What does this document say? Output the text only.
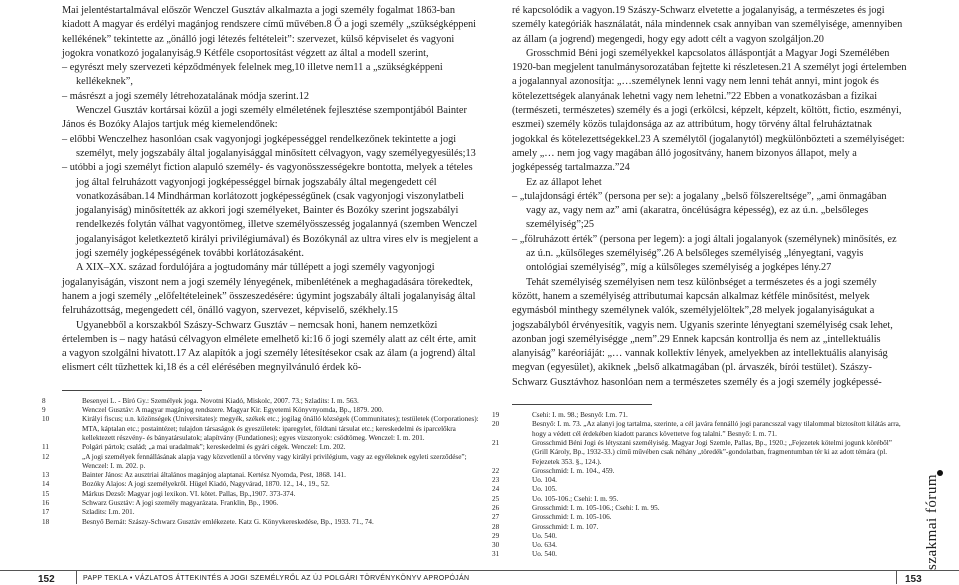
Mai jelentéstartalmával először Wenczel Gusztáv alkalmazta a jogi személy fogalmat 1863-ban kiadott A magyar és erdélyi magánjog rendszere című művében.8 Ő a jogi személy „szükségképpeni kellékének” tekintette az „önálló jogi létezés feltételeit”: szervezet, külső képviselet és vagyoni jogokra vonatkozó jogalanyiság.9 Kétféle csoportosítást végzett az által a modell szerint,

– egyrészt mely szervezeti képződmények felelnek meg,10 illetve nem11 a „szükségképpeni kellékeknek”,

– másrészt a jogi személy létrehozatalának módja szerint.12

Wenczel Gusztáv kortársai közül a jogi személy elméletének fejlesztése szempontjából Bainter János és Bozóky Alajos tartjuk még kiemelendőnek:

– előbbi Wenczelhez hasonlóan csak vagyonjogi jogképességgel rendelkezőnek tekintette a jogi személyt, mely jogszabály által jogalanyisággal minősített célvagyon, vagy személyegyesülés;13

– utóbbi a jogi személyt fiction alapuló személy- és vagyonösszességekre bontotta, melyek a tételes jog által felruházott vagyonjogi jogképességgel bírnak jogszabály által megengedett cél vonatkozásában.14 Mindhárman korlátozott jogképességűnek (csak vagyonjogi viszonylatbeli jogalanyiság) minősítették az akkori jogi személyeket, Bainter és Bozóky szerint jogszabályi rendelkezés folytán válhat vagyontömeg, illetve személyösszesség jogalannyá (szemben Wenczel jogalanyiságot keletkeztető királyi privilégiumával) és Bozókynál az ultra vires elv is megjelent a jogi személy jogképességének további korlátozásaként.

A XIX–XX. század fordulójára a jogtudomány már túllépett a jogi személy vagyonjogi jogalanyiságán, viszont nem a jogi személy lényegének, mibenlétének a meghagadására törekedtek, hanem a jogi személy „előfeltételeinek” összeszedésére: úgymint jogszabály általi jogalanyiság által felruházottság, megengedett cél, önálló vagyon, szervezet, képviselő, székhely.15

Ugyanebből a korszakból Szászy-Schwarz Gusztáv – nemcsak honi, hanem nemzetközi értelemben is – nagy hatású célvagyon elmélete emelhető ki:16 ő jogi személy alatt az célt érte, amit a vagyon szolgálni hivatott.17 Az alapítók a jogi személy létesítésekor csak az álam (a jogrend) által elismert célt tűzhettek ki,18 és a cél elérésében megnyilvánuló érdek kö-

8	Besenyei L. - Bíró Gy.: Személyek joga. Novotni Kiadó, Miskolc, 2007. 73.; Szladits: I. m. 563.

9	Wenczel Gusztáv: A magyar magánjog rendszere. Magyar Kir. Egyetemi Könyvnyomda, Bp., 1879. 200.

10	Királyi fiscus; u.n. közönségek (Universitates): megyék, székek etc.; jogilag önálló községek (Communitates); testületek (Corporationes): MTA, káptalan etc.; postaintézet; tulajdon társaságok és gyeszületek: iparegylet, földtani társulat etc.; kereskedelmi és iparcelőkra kellektezett részvény- és bányatársulatok; alapítvány (Fundationes); egyes vizszonyok: csödtömeg. Wenczel: I. m. 201.

11	Polgári pártok; család; „a mai uradalmak”; kereskedelmi és gyári cégek. Wenczel: I.m. 202.

12	„A jogi személyek fennállásának alapja vagy közvetlenül a törvény vagy királyi privilégium, vagy az egyéleknek egyleti szerződése”; Wenczel: I. m. 202. p.

13	Bainter János: Az ausztriai általános magánjog alaptanai. Kertész Nyomda, Pest, 1868. 141.

14	Bozóky Alajos: A jogi személyekről. Hügel Kiadó, Nagyvárad, 1870. 12., 14., 19., 52.

15	Márkus Dezső: Magyar jogi lexikon. VI. kötet. Pallas, Bp.,1907. 373-374.

16	Schwarz Gusztáv: A jogi személy magyarázata. Franklin, Bp., 1906.

17	Szladits: I.m. 201.

18	Besnyő Bernát: Szászy-Schwarz Gusztáv emlékezete. Katz G. Könyvkereskedése, Bp., 1933. 71., 74.

ré kapcsolódik a vagyon.19 Szászy-Schwarz elvetette a jogalanyiság, a természetes és jogi személy kategóriák használatát, nála mindennek csak annyiban van személyisége, amennyiben az állam (a jogrend) megengedi, hogy egy adott célt a vagyon szolgáljon.20

Grosschmid Béni jogi személyekkel kapcsolatos álláspontját a Magyar Jogi Személében 1920-ban megjelent tanulmánysorozatában fejtette ki részletesen.21 A személyt jogi értelemben a jogalannyal azonosítja: „…személynek lenni vagy nem lenni tehát annyi, mint jogok és kötelezettségek alanyának lehetni vagy nem lehetni.”22 Ebben a vonatkozásban a fizikai (természeti, természetes) személy és a jogi (erkölcsi, képzelt, képzelt, költött, fictio, eszményi, eszmei) személy közös tulajdonsága az az attribútum, hogy törvény által felruháztatnak jogokkal és kötelezettségekkel.23 A személytől (jogalanytól) megkülönbözteti a személyiséget: amely „… nem jog vagy magában álló jogosítvány, hanem bizonyos állapot, mely a jogképesség tartalmazza.”24

Ez az állapot lehet

– „tulajdonsági érték” (persona per se): a jogalany „belső fölszereltsége”, „ami önmagában vagy az, vagy nem az” ami (akaratra, öncélúságra képesség), ez az ú.n. „belsőleges személyiség”;25

– „fölruházott érték” (persona per legem): a jogi általi jogalanyok (személynek) minősítés, ez az ú.n. „külsőleges személyiség”.26 A belsőleges személyiség „lényegtani, vagyis ontológiai személyiség”, míg a külsőleges személyiség a jogképes lény.27

Tehát személyiség személyisen nem tesz különbséget a természetes és a jogi személy között, hanem a személyiség attributumai kapcsán alkalmaz kétféle minősítést, melyek egymásból minthegy személynek valók, személyjelöltek”,28 melyek jogalanyiságukat a jogszabályból érvényesítik, vagyis nem. Ugyanis szerinte lényegtani személyiség csak lehet, azonban jogi személyiségge „nem”.29 Ennek kapcsán kontrollja és nem az „intellektuális alanyiság” karéoriáját: „… vannak kollektív lények, amelyekben az intellektuális alanyiság megvan (egyesület), akiknek „belső alkatmagában (pl. árvaszék, bírói testület). Szászy-Schwarz Gusztávhoz hasonlóan nem a természetes személy és a jogi személy jogképessé-

19	Csehi: I. m. 98.; Besnyő: I.m. 71.

20	Besnyő: I. m. 73. „Az alanyi jog tartalma, szerinte, a cél javára fennálló jogi parancsszal vagy tilalommal biztosított kilátás arra, hogy a védett cél érdekében kiadott parancs követtetve fog talalni.” Besnyő: I. m. 71.

21	Grosschmid Béni Jogi és létyszani személyiség. Magyar Jogi Szemle, Pallas, Bp., 1920.; „Fejezetek kötelmi jogunk köréből” (Grill Károly, Bp., 1932-33.) című művében csak néhány „töredék”-gondolatban, fragmentumban tér ki az adott témára (pl. Fejezetek 353. §., 124.).

22	Grosschmid: I. m. 104., 459.

23	Uo. 104.

24	Uo. 105.

25	Uo. 105-106.; Csehi: I. m. 95.

26	Grosschmid: I. m. 105-106.; Csehi: I. m. 95.

27	Grosschmid: I. m. 105-106.

28	Grosschmid: I. m. 107.

29	Uo. 540.

30	Uo. 634.

31	Uo. 540.	szakmai fórum
152	PAPP TEKLA • VÁZLATOS ÁTTEKINTÉS A JOGI SZEMÉLYRŐL AZ ÚJ POLGÁRI TÖRVÉNYKÖNYV APROPÓJÁN	153
